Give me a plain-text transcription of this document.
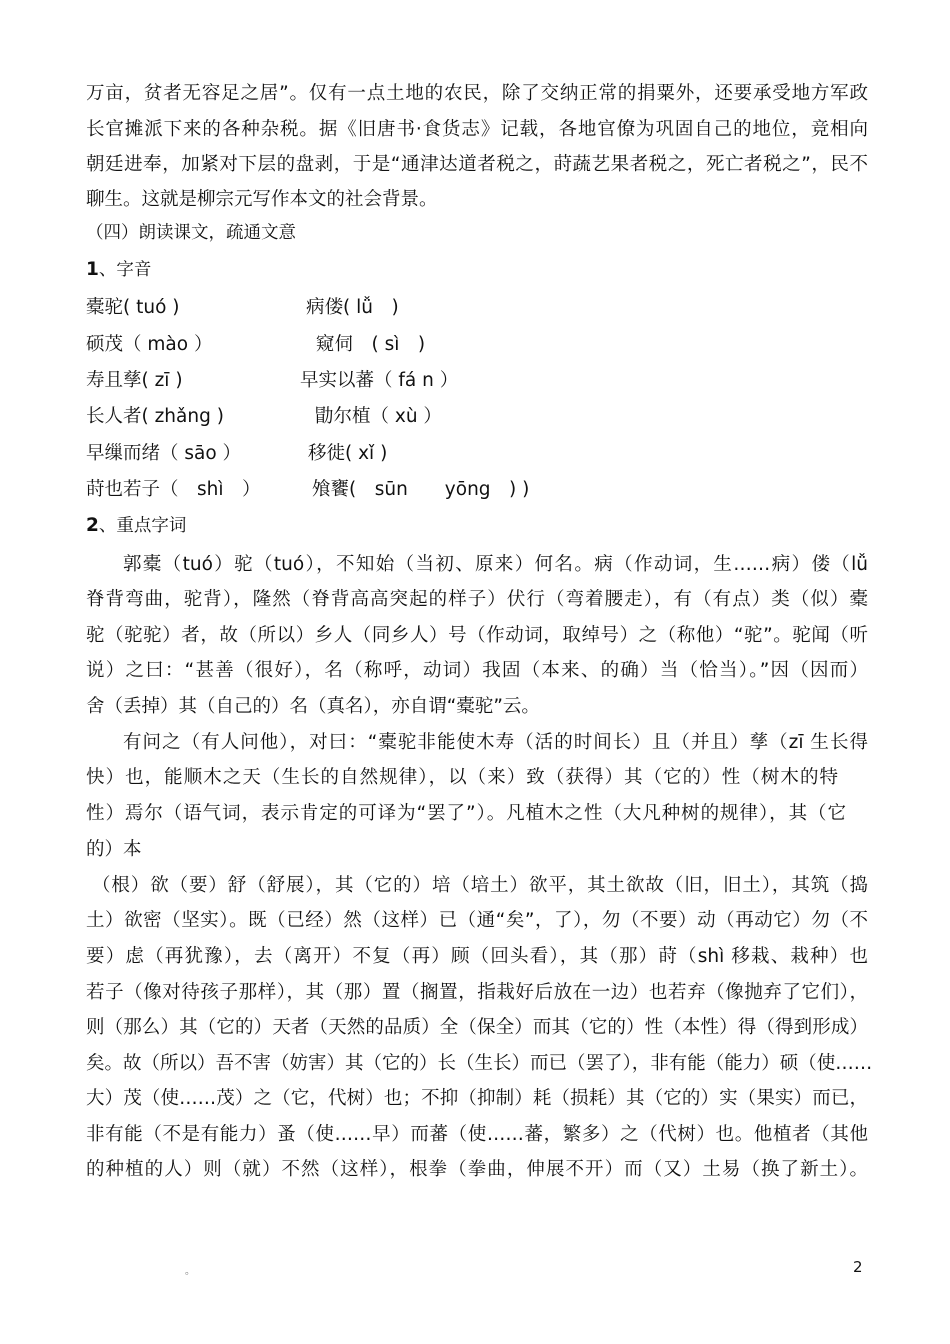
万亩，贫者无容足之居”。仅有一点土地的农民，除了交纳正常的捐粟外，还要承受地方军政
长官摊派下来的各种杂税。据《旧唐书·食货志》记载，各地官僚为巩固自己的地位，竞相向
朝廷进奉，加紧对下层的盘剥，于是“通津达道者税之，莳蔬艺果者税之，死亡者税之”，民不
聊生。这就是柳宗元写作本文的社会背景。
（四）朗读课文，疏通文意
1、字音
橐驼( tuó )	病偻( lǚ　)
硕茂（ mào ）	窥伺　( sì　)
寿且孳( zī )	早实以蕃（ fá n ）
长人者( zhǎng )	勖尔植（ xù ）
早缫而绪（ sāo ）	移徙( xǐ )
莳也若子（　shì　）	飧饔(　sūn　　yōng　) )
2、重点字词
郭橐（tuó）驼（tuó），不知始（当初、原来）何名。病（作动词，生……病）偻（lǚ
脊背弯曲，驼背），隆然（脊背高高突起的样子）伏行（弯着腰走），有（有点）类（似）橐
驼（驼驼）者，故（所以）乡人（同乡人）号（作动词，取绰号）之（称他）“驼”。驼闻（听
说）之曰：“甚善（很好），名（称呼，动词）我固（本来、的确）当（恰当）。”因（因而）
舍（丢掉）其（自己的）名（真名），亦自谓“橐驼”云。
有问之（有人问他），对曰：“橐驼非能使木寿（活的时间长）且（并且）孳（zī 生长得
快）也，能顺木之天（生长的自然规律），以（来）致（获得）其（它的）性（树木的特
性）焉尔（语气词，表示肯定的可译为“罢了”）。凡植木之性（大凡种树的规律），其（它
的）本
（根）欲（要）舒（舒展），其（它的）培（培土）欲平，其土欲故（旧，旧土），其筑（捣
土）欲密（坚实）。既（已经）然（这样）已（通“矣”，了），勿（不要）动（再动它）勿（不
要）虑（再犹豫），去（离开）不复（再）顾（回头看），其（那）莳（shì 移栽、栽种）也
若子（像对待孩子那样），其（那）置（搁置，指栽好后放在一边）也若弃（像抛弃了它们），
则（那么）其（它的）天者（天然的品质）全（保全）而其（它的）性（本性）得（得到形成）
矣。故（所以）吾不害（妨害）其（它的）长（生长）而已（罢了），非有能（能力）硕（使……
大）茂（使……茂）之（它，代树）也；不抑（抑制）耗（损耗）其（它的）实（果实）而已，
非有能（不是有能力）蚤（使……早）而蕃（使……蕃，繁多）之（代树）也。他植者（其他
的种植的人）则（就）不然（这样），根拳（拳曲，伸展不开）而（又）土易（换了新土）。
。	2
